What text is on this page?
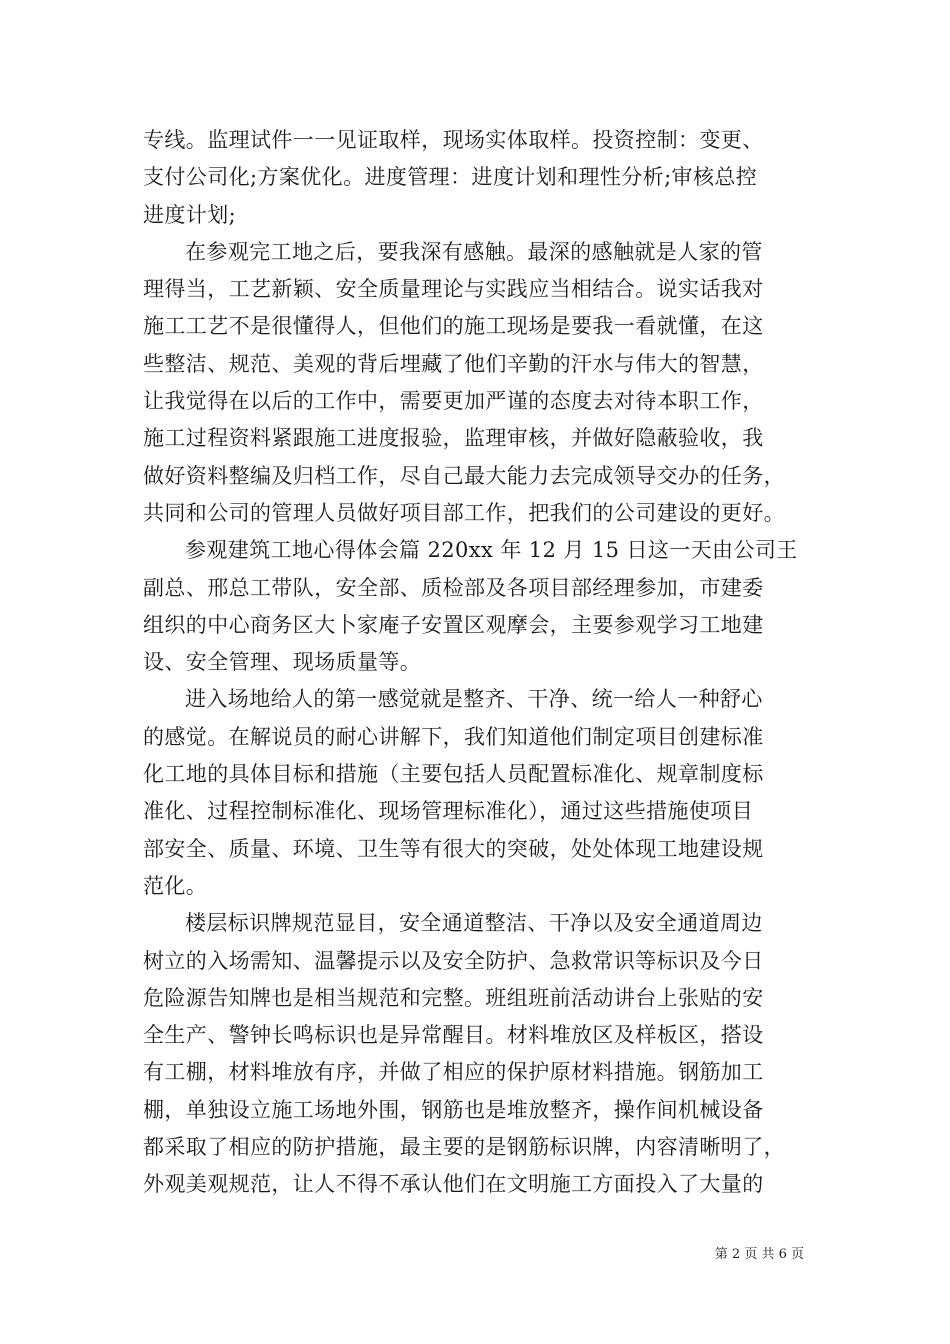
专线。监理试件一一见证取样，现场实体取样。投资控制：变更、
支付公司化;方案优化。进度管理：进度计划和理性分析;审核总控
进度计划;
在参观完工地之后，要我深有感触。最深的感触就是人家的管
理得当，工艺新颖、安全质量理论与实践应当相结合。说实话我对
施工工艺不是很懂得人，但他们的施工现场是要我一看就懂，在这
些整洁、规范、美观的背后埋藏了他们辛勤的汗水与伟大的智慧，
让我觉得在以后的工作中，需要更加严谨的态度去对待本职工作，
施工过程资料紧跟施工进度报验，监理审核，并做好隐蔽验收，我
做好资料整编及归档工作，尽自己最大能力去完成领导交办的任务，
共同和公司的管理人员做好项目部工作，把我们的公司建设的更好。
参观建筑工地心得体会篇 220xx 年 12 月 15 日这一天由公司王
副总、邢总工带队，安全部、质检部及各项目部经理参加，市建委
组织的中心商务区大卜家庵子安置区观摩会，主要参观学习工地建
设、安全管理、现场质量等。
进入场地给人的第一感觉就是整齐、干净、统一给人一种舒心
的感觉。在解说员的耐心讲解下，我们知道他们制定项目创建标准
化工地的具体目标和措施（主要包括人员配置标准化、规章制度标
准化、过程控制标准化、现场管理标准化），通过这些措施使项目
部安全、质量、环境、卫生等有很大的突破，处处体现工地建设规
范化。
楼层标识牌规范显目，安全通道整洁、干净以及安全通道周边
树立的入场需知、温馨提示以及安全防护、急救常识等标识及今日
危险源告知牌也是相当规范和完整。班组班前活动讲台上张贴的安
全生产、警钟长鸣标识也是异常醒目。材料堆放区及样板区，搭设
有工棚，材料堆放有序，并做了相应的保护原材料措施。钢筋加工
棚，单独设立施工场地外围，钢筋也是堆放整齐，操作间机械设备
都采取了相应的防护措施，最主要的是钢筋标识牌，内容清晰明了，
外观美观规范，让人不得不承认他们在文明施工方面投入了大量的
第 2 页 共 6 页
